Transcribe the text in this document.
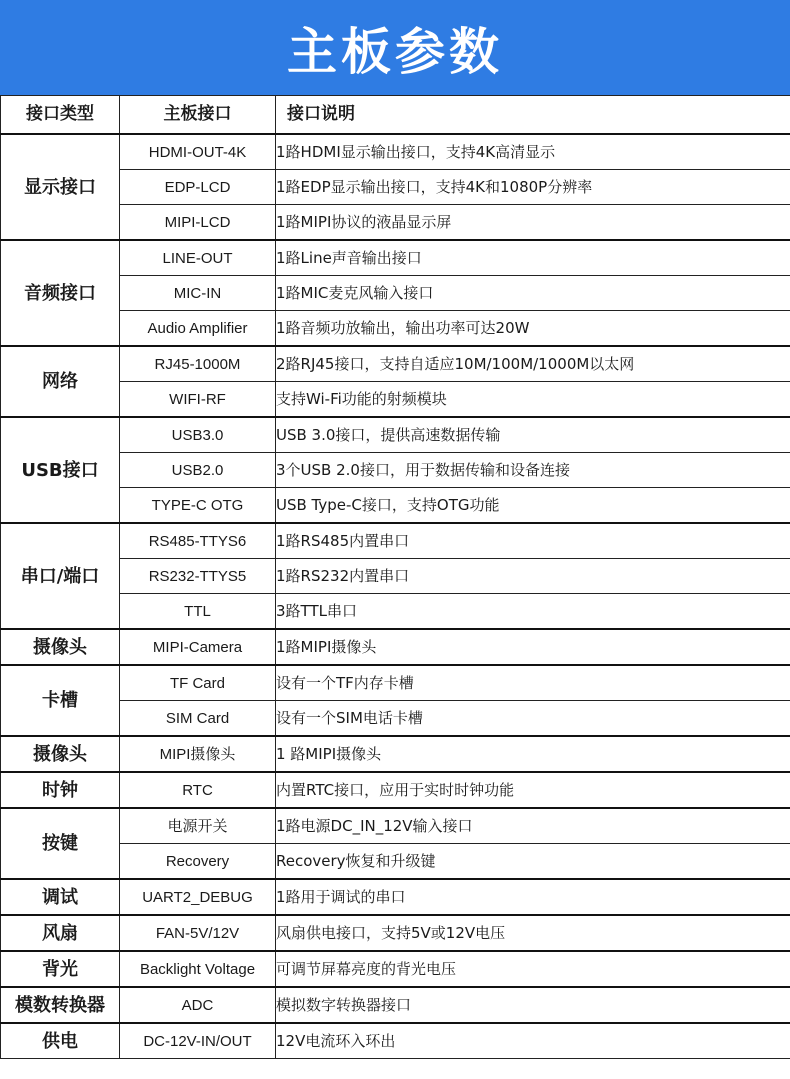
主板参数
接口类型	主板接口	接口说明
显示接口	HDMI-OUT-4K	1路HDMI显示输出接口，支持4K高清显示
	EDP-LCD	1路EDP显示输出接口，支持4K和1080P分辨率
	MIPI-LCD	1路MIPI协议的液晶显示屏
音频接口	LINE-OUT	1路Line声音输出接口
	MIC-IN	1路MIC麦克风输入接口
	Audio Amplifier	1路音频功放输出，输出功率可达20W
网络	RJ45-1000M	2路RJ45接口，支持自适应10M/100M/1000M以太网
	WIFI-RF	支持Wi-Fi功能的射频模块
USB接口	USB3.0	USB 3.0接口，提供高速数据传输
	USB2.0	3个USB 2.0接口，用于数据传输和设备连接
	TYPE-C OTG	USB Type-C接口，支持OTG功能
串口/端口	RS485-TTYS6	1路RS485内置串口
	RS232-TTYS5	1路RS232内置串口
	TTL	3路TTL串口
摄像头	MIPI-Camera	1路MIPI摄像头
卡槽	TF Card	设有一个TF内存卡槽
	SIM Card	设有一个SIM电话卡槽
摄像头	MIPI摄像头	1 路MIPI摄像头
时钟	RTC	内置RTC接口，应用于实时时钟功能
按键	电源开关	1路电源DC_IN_12V输入接口
	Recovery	Recovery恢复和升级键
调试	UART2_DEBUG	1路用于调试的串口
风扇	FAN-5V/12V	风扇供电接口，支持5V或12V电压
背光	Backlight Voltage	可调节屏幕亮度的背光电压
模数转换器	ADC	模拟数字转换器接口
供电	DC-12V-IN/OUT	12V电流环入环出
